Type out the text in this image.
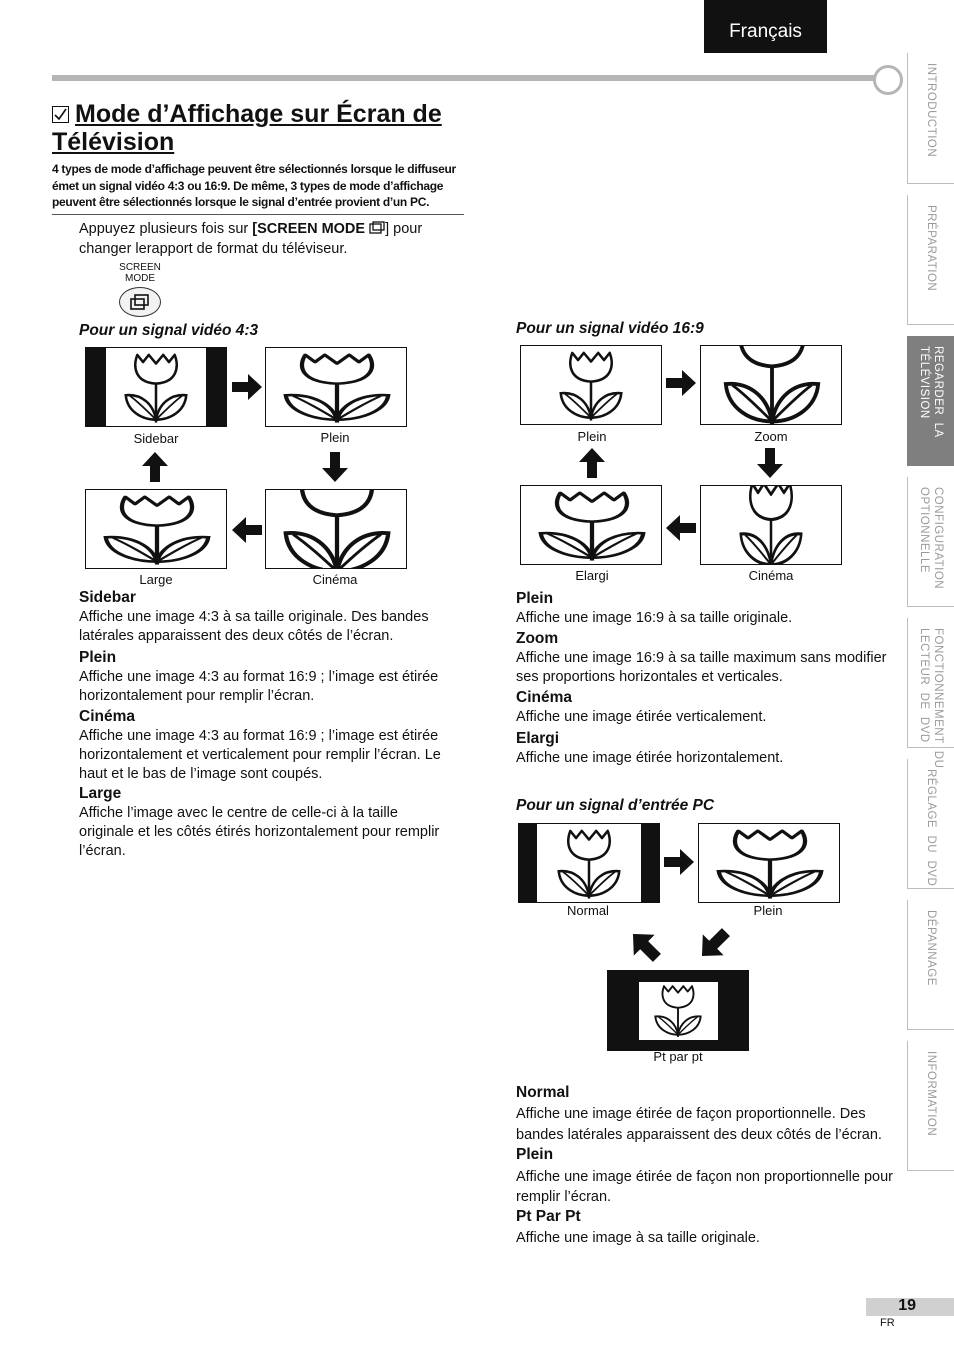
Français
INTRODUCTION
PRÉPARATION
REGARDER  LA
TÉLÉVISION
CONFIGURATION
OPTIONNELLE
FONCTIONNEMENT  DU
LECTEUR  DE  DVD
RÉGLAGE  DU  DVD
DÉPANNAGE
INFORMATION
Mode d’Affichage sur Écran de
Télévision
4 types de mode d’affichage peuvent être sélectionnés lorsque le diffuseur émet un signal vidéo 4:3 ou 16:9. De même, 3 types de mode d’affichage peuvent être sélectionnés lorsque le signal d’entrée provient d’un PC.
Appuyez plusieurs fois sur [SCREEN MODE ] pour changer lerapport de format du téléviseur.
SCREEN
MODE
Pour un signal vidéo 4:3
Sidebar	Plein
Large	Cinéma
Sidebar
Affiche une image 4:3 à sa taille originale. Des bandes latérales apparaissent des deux côtés de l’écran.
Plein
Affiche une image 4:3 au format 16:9 ; l’image est étirée horizontalement pour remplir l’écran.
Cinéma
Affiche une image 4:3 au format 16:9 ; l’image est étirée horizontalement et verticalement pour remplir l’écran. Le haut et le bas de l’image sont coupés.
Large
Affiche l’image avec le centre de celle-ci à la taille originale et les côtés étirés horizontalement pour remplir l’écran.
Pour un signal vidéo 16:9
Plein	Zoom
Elargi	Cinéma
Plein
Affiche une image 16:9 à sa taille originale.
Zoom
Affiche une image 16:9 à sa taille maximum sans modifier ses proportions horizontales et verticales.
Cinéma
Affiche une image étirée verticalement.
Elargi
Affiche une image étirée horizontalement.
Pour un signal d’entrée PC
Normal	Plein
Pt par pt
Normal
Affiche une image étirée de façon proportionnelle. Des bandes latérales apparaissent des deux côtés de l’écran.
Plein
Affiche une image étirée de façon non proportionnelle pour remplir l’écran.
Pt Par Pt
Affiche une image à sa taille originale.
19
FR
